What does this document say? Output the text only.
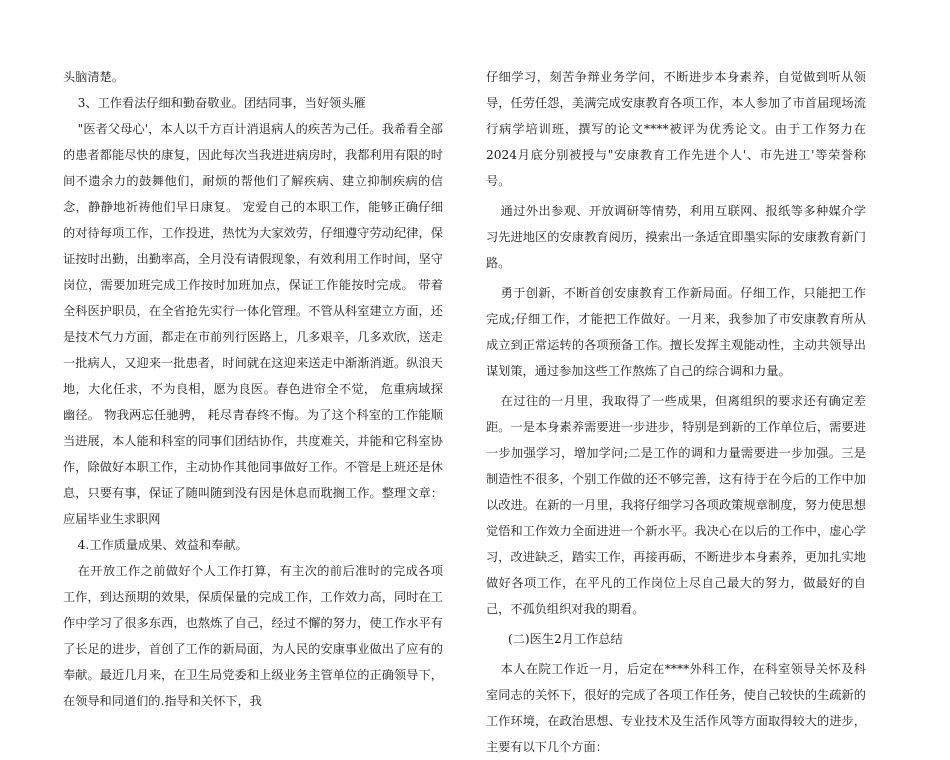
头脑清楚。

3、工作看法仔细和勤奋敬业。团结同事，当好领头雁

"医者父母心'，本人以千方百计消退病人的疾苦为己任。我希看全部的患者都能尽快的康复，因此每次当我进进病房时，我都利用有限的时间不遗余力的鼓舞他们，耐烦的帮他们了解疾病、建立抑制疾病的信念，静静地祈祷他们早日康复。 宠爱自己的本职工作，能够正确仔细的对待每项工作，工作投进，热忱为大家效劳，仔细遵守劳动纪律，保证按时出勤，出勤率高，全月没有请假现象，有效利用工作时间，坚守岗位，需要加班完成工作按时加班加点，保证工作能按时完成。 带着全科医护职员，在全省抢先实行一体化管理。不管从科室建立方面，还是技术气力方面，都走在市前列行医路上，几多艰辛，几多欢欣，送走一批病人，又迎来一批患者，时间就在这迎来送走中渐渐消逝。纵浪天地，大化任求，不为良相，愿为良医。春色进帘全不觉， 危重病域探幽径。 物我两忘任驰骋， 耗尽青春终不悔。为了这个科室的工作能顺当进展，本人能和科室的同事们团结协作，共度难关，并能和它科室协作，除做好本职工作，主动协作其他同事做好工作。不管是上班还是休息，只要有事，保证了随叫随到没有因是休息而耽搁工作。整理文章：应届毕业生求职网

4.工作质量成果、效益和奉献。

在开放工作之前做好个人工作打算，有主次的前后准时的完成各项工作，到达预期的效果，保质保量的完成工作，工作效力高，同时在工作中学习了很多东西，也熬炼了自己，经过不懈的努力，使工作水平有了长足的进步，首创了工作的新局面，为人民的安康事业做出了应有的奉献。最近几月来，在卫生局党委和上级业务主管单位的正确领导下，在领导和同道们的.指导和关怀下，我

仔细学习，刻苦争辩业务学问，不断进步本身素养，自觉做到听从领导，任劳任怨，美满完成安康教育各项工作，本人参加了市首届现场流行病学培训班，撰写的论文****被评为优秀论文。由于工作努力在2024月底分别被授与"安康教育工作先进个人'、市先进工'等荣誉称号。

通过外出参观、开放调研等情势，利用互联网、报纸等多种媒介学习先进地区的安康教育阅历，摸索出一条适宜即墨实际的安康教育新门路。

勇于创新，不断首创安康教育工作新局面。仔细工作，只能把工作完成;仔细工作，才能把工作做好。一月来，我参加了市安康教育所从成立到正常运转的各项预备工作。擅长发挥主观能动性，主动共领导出谋划策，通过参加这些工作熬炼了自己的综合调和力量。

在过往的一月里，我取得了一些成果，但离组织的要求还有确定差距。一是本身素养需要进一步进步，特别是到新的工作单位后，需要进一步加强学习，增加学问;二是工作的调和力量需要进一步加强。三是制造性不很多，个别工作做的还不够完善，这有待于在今后的工作中加以改进。在新的一月里，我将仔细学习各项政策规章制度，努力使思想觉悟和工作效力全面进进一个新水平。我决心在以后的工作中，虚心学习，改进缺乏，踏实工作，再接再砺，不断进步本身素养，更加扎实地做好各项工作，在平凡的工作岗位上尽自己最大的努力，做最好的自己，不孤负组织对我的期看。

(二)医生2月工作总结

本人在院工作近一月，后定在****外科工作，在科室领导关怀及科室同志的关怀下，很好的完成了各项工作任务，使自己较快的生疏新的工作环境，在政治思想、专业技术及生活作风等方面取得较大的进步，主要有以下几个方面：
